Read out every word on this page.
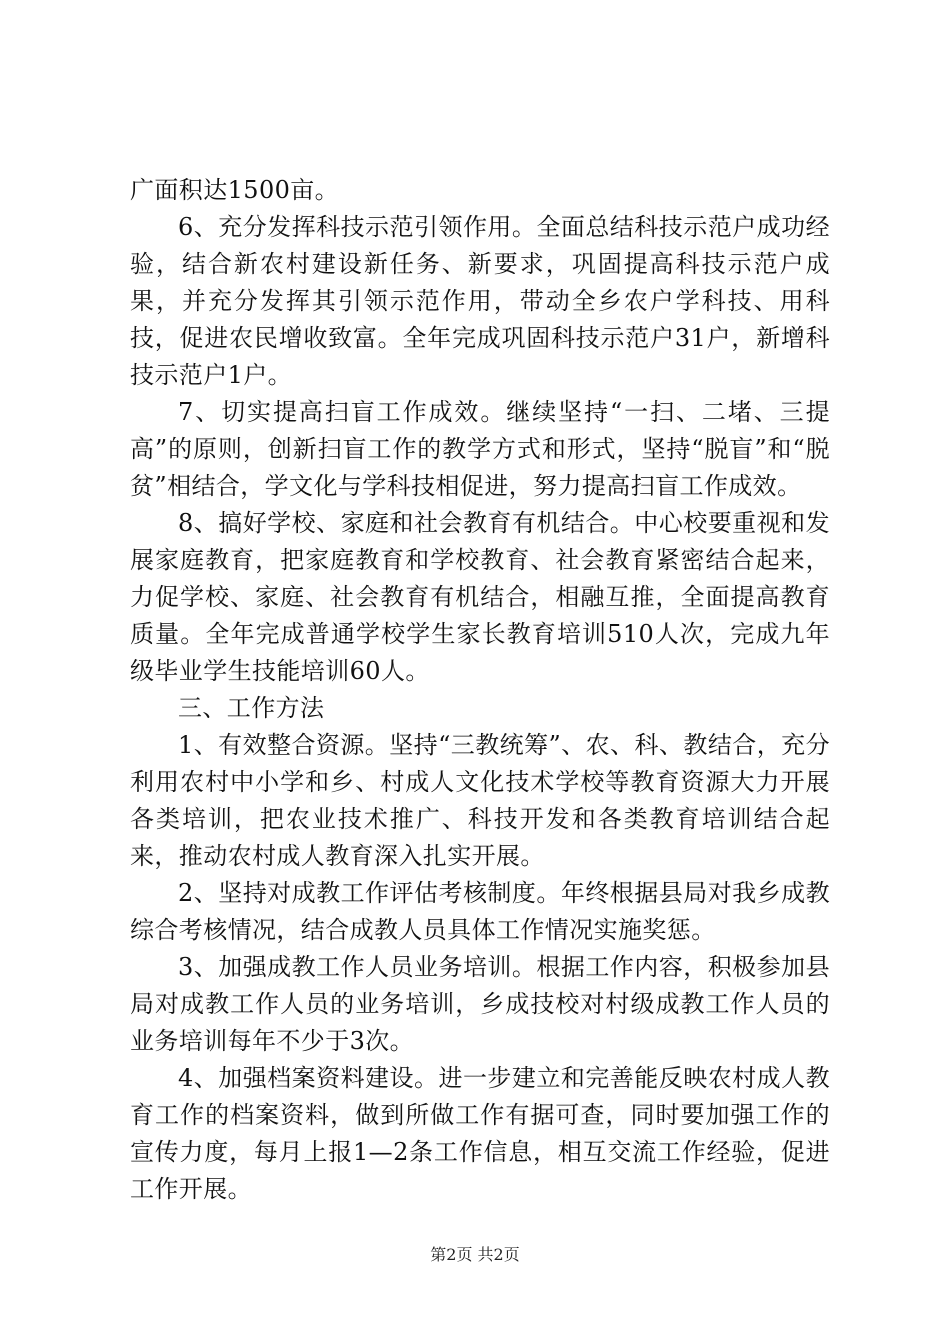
广面积达1500亩。

6、充分发挥科技示范引领作用。全面总结科技示范户成功经验，结合新农村建设新任务、新要求，巩固提高科技示范户成果，并充分发挥其引领示范作用，带动全乡农户学科技、用科技，促进农民增收致富。全年完成巩固科技示范户31户，新增科技示范户1户。

7、切实提高扫盲工作成效。继续坚持“一扫、二堵、三提高”的原则，创新扫盲工作的教学方式和形式，坚持“脱盲”和“脱贫”相结合，学文化与学科技相促进，努力提高扫盲工作成效。

8、搞好学校、家庭和社会教育有机结合。中心校要重视和发展家庭教育，把家庭教育和学校教育、社会教育紧密结合起来，力促学校、家庭、社会教育有机结合，相融互推，全面提高教育质量。全年完成普通学校学生家长教育培训510人次，完成九年级毕业学生技能培训60人。

三、工作方法

1、有效整合资源。坚持“三教统筹”、农、科、教结合，充分利用农村中小学和乡、村成人文化技术学校等教育资源大力开展各类培训，把农业技术推广、科技开发和各类教育培训结合起来，推动农村成人教育深入扎实开展。

2、坚持对成教工作评估考核制度。年终根据县局对我乡成教综合考核情况，结合成教人员具体工作情况实施奖惩。

3、加强成教工作人员业务培训。根据工作内容，积极参加县局对成教工作人员的业务培训，乡成技校对村级成教工作人员的业务培训每年不少于3次。

4、加强档案资料建设。进一步建立和完善能反映农村成人教育工作的档案资料，做到所做工作有据可查，同时要加强工作的宣传力度，每月上报1—2条工作信息，相互交流工作经验，促进工作开展。

第2页 共2页
